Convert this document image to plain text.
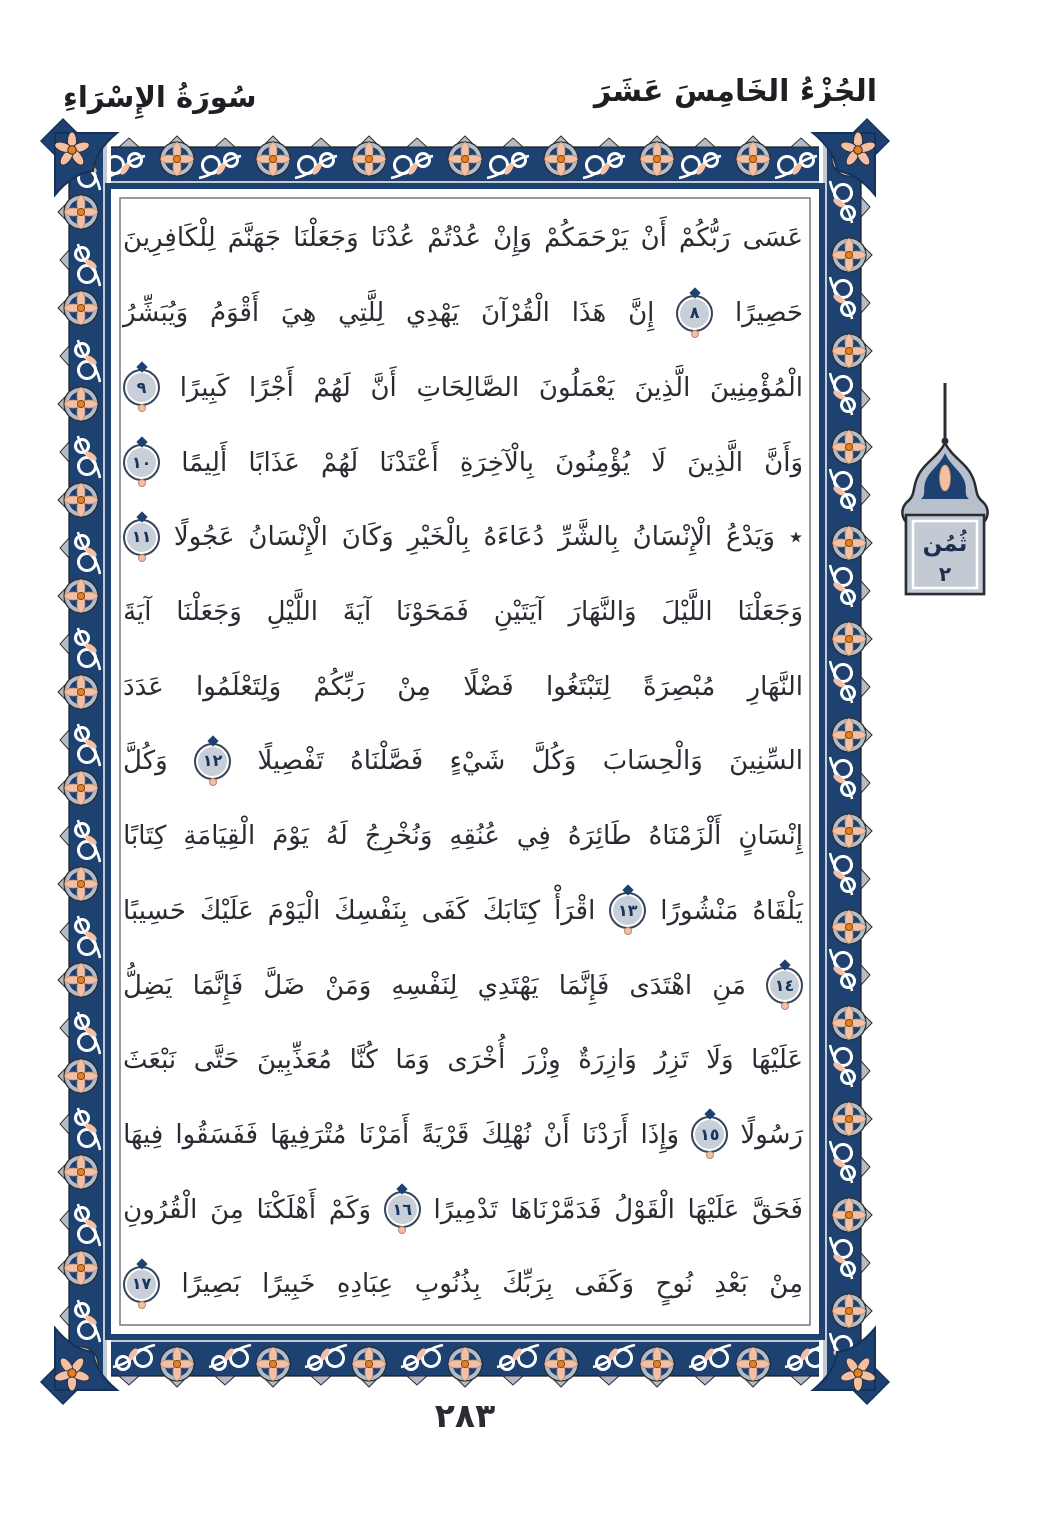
الجُزْءُ الخَامِسَ عَشَرَ
سُورَةُ الإِسْرَاءِ
عَسَى
رَبُّكُمْ
أَنْ
يَرْحَمَكُمْ
وَإِنْ
عُدْتُمْ
عُدْنَا
وَجَعَلْنَا
جَهَنَّمَ
لِلْكَافِرِينَ
حَصِيرًا
٨
إِنَّ
هَذَا
الْقُرْآنَ
يَهْدِي
لِلَّتِي
هِيَ
أَقْوَمُ
وَيُبَشِّرُ
الْمُؤْمِنِينَ
الَّذِينَ
يَعْمَلُونَ
الصَّالِحَاتِ
أَنَّ
لَهُمْ
أَجْرًا
كَبِيرًا
٩
وَأَنَّ
الَّذِينَ
لَا
يُؤْمِنُونَ
بِالْآخِرَةِ
أَعْتَدْنَا
لَهُمْ
عَذَابًا
أَلِيمًا
١٠
٭
وَيَدْعُ
الْإِنْسَانُ
بِالشَّرِّ
دُعَاءَهُ
بِالْخَيْرِ
وَكَانَ
الْإِنْسَانُ
عَجُولًا
١١
وَجَعَلْنَا
اللَّيْلَ
وَالنَّهَارَ
آيَتَيْنِ
فَمَحَوْنَا
آيَةَ
اللَّيْلِ
وَجَعَلْنَا
آيَةَ
النَّهَارِ
مُبْصِرَةً
لِتَبْتَغُوا
فَضْلًا
مِنْ
رَبِّكُمْ
وَلِتَعْلَمُوا
عَدَدَ
السِّنِينَ
وَالْحِسَابَ
وَكُلَّ
شَيْءٍ
فَصَّلْنَاهُ
تَفْصِيلًا
١٢
وَكُلَّ
إِنْسَانٍ
أَلْزَمْنَاهُ
طَائِرَهُ
فِي
عُنُقِهِ
وَنُخْرِجُ
لَهُ
يَوْمَ
الْقِيَامَةِ
كِتَابًا
يَلْقَاهُ
مَنْشُورًا
١٣
اقْرَأْ
كِتَابَكَ
كَفَى
بِنَفْسِكَ
الْيَوْمَ
عَلَيْكَ
حَسِيبًا
١٤
مَنِ
اهْتَدَى
فَإِنَّمَا
يَهْتَدِي
لِنَفْسِهِ
وَمَنْ
ضَلَّ
فَإِنَّمَا
يَضِلُّ
عَلَيْهَا
وَلَا
تَزِرُ
وَازِرَةٌ
وِزْرَ
أُخْرَى
وَمَا
كُنَّا
مُعَذِّبِينَ
حَتَّى
نَبْعَثَ
رَسُولًا
١٥
وَإِذَا
أَرَدْنَا
أَنْ
نُهْلِكَ
قَرْيَةً
أَمَرْنَا
مُتْرَفِيهَا
فَفَسَقُوا
فِيهَا
فَحَقَّ
عَلَيْهَا
الْقَوْلُ
فَدَمَّرْنَاهَا
تَدْمِيرًا
١٦
وَكَمْ
أَهْلَكْنَا
مِنَ
الْقُرُونِ
مِنْ
بَعْدِ
نُوحٍ
وَكَفَى
بِرَبِّكَ
بِذُنُوبِ
عِبَادِهِ
خَبِيرًا
بَصِيرًا
١٧
ثُمُن
٢
٢٨٣
